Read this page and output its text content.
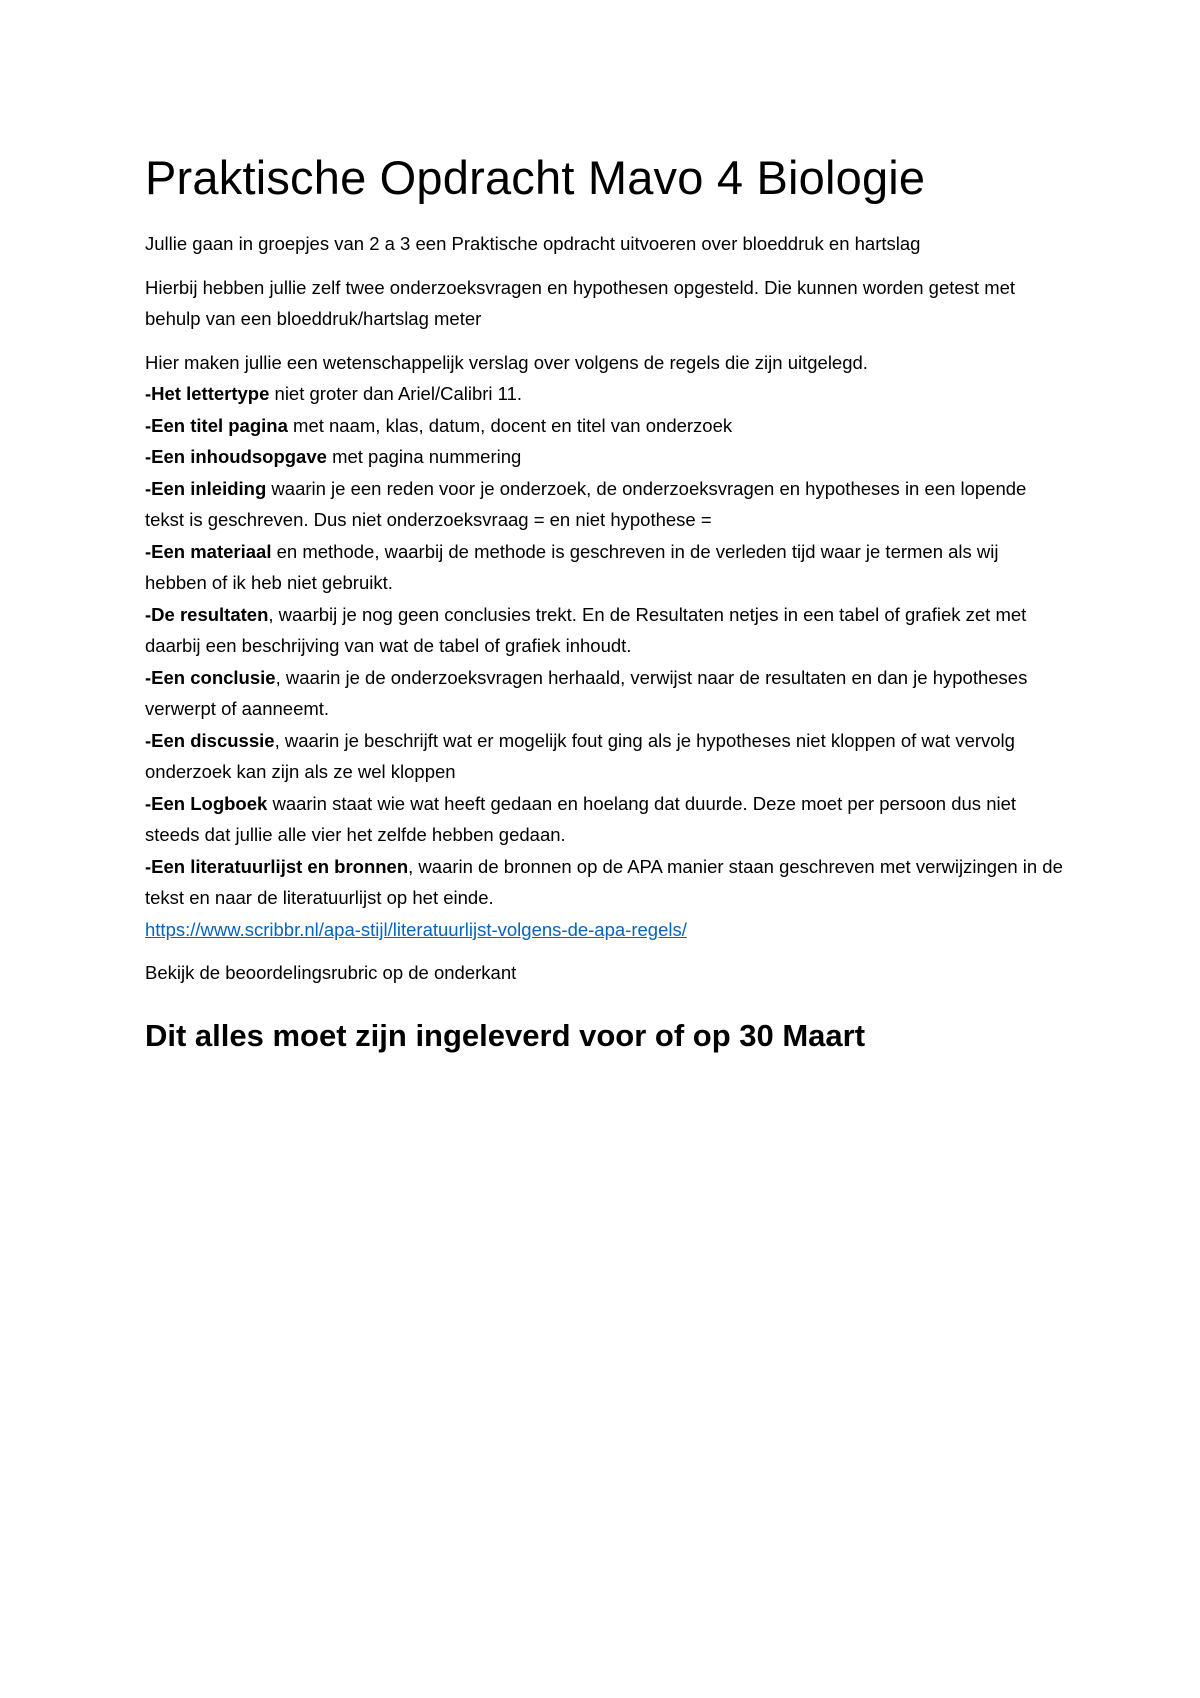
Praktische Opdracht Mavo 4 Biologie

Jullie gaan in groepjes van 2 a 3 een Praktische opdracht uitvoeren over bloeddruk en hartslag

Hierbij hebben jullie zelf twee onderzoeksvragen en hypothesen opgesteld. Die kunnen worden getest met behulp van een bloeddruk/hartslag meter

Hier maken jullie een wetenschappelijk verslag over volgens de regels die zijn uitgelegd.
-Het lettertype niet groter dan Ariel/Calibri 11.
-Een titel pagina met naam, klas, datum, docent en titel van onderzoek
-Een inhoudsopgave met pagina nummering
-Een inleiding waarin je een reden voor je onderzoek, de onderzoeksvragen en hypotheses in een lopende tekst is geschreven. Dus niet onderzoeksvraag = en niet hypothese =
-Een materiaal en methode, waarbij de methode is geschreven in de verleden tijd waar je termen als wij hebben of ik heb niet gebruikt.
-De resultaten, waarbij je nog geen conclusies trekt. En de Resultaten netjes in een tabel of grafiek zet met daarbij een beschrijving van wat de tabel of grafiek inhoudt.
-Een conclusie, waarin je de onderzoeksvragen herhaald, verwijst naar de resultaten en dan je hypotheses verwerpt of aanneemt.
-Een discussie, waarin je beschrijft wat er mogelijk fout ging als je hypotheses niet kloppen of wat vervolg onderzoek kan zijn als ze wel kloppen
-Een Logboek waarin staat wie wat heeft gedaan en hoelang dat duurde. Deze moet per persoon dus niet steeds dat jullie alle vier het zelfde hebben gedaan.
-Een literatuurlijst en bronnen, waarin de bronnen op de APA manier staan geschreven met verwijzingen in de tekst en naar de literatuurlijst op het einde.
https://www.scribbr.nl/apa-stijl/literatuurlijst-volgens-de-apa-regels/

Bekijk de beoordelingsrubric op de onderkant

Dit alles moet zijn ingeleverd voor of op 30 Maart
